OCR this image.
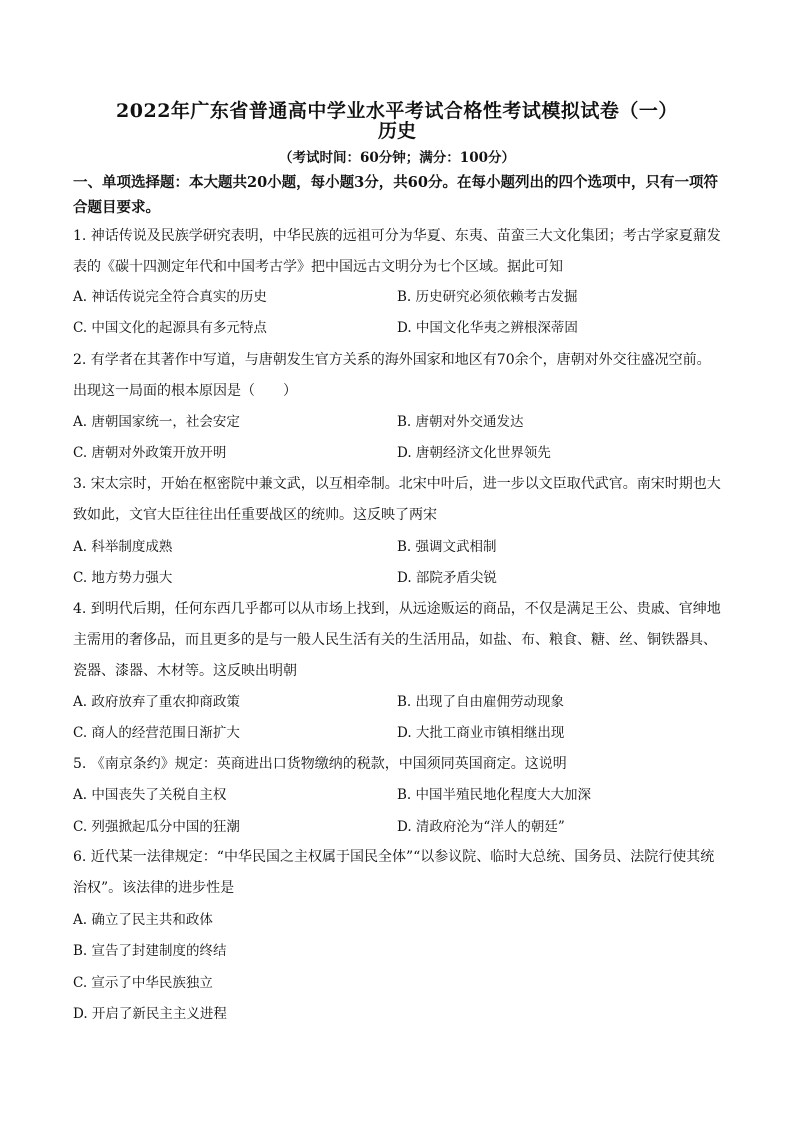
2022年广东省普通高中学业水平考试合格性考试模拟试卷（一）
历史
（考试时间：60分钟；满分：100分）
一、单项选择题：本大题共20小题，每小题3分，共60分。在每小题列出的四个选项中，只有一项符合题目要求。
1. 神话传说及民族学研究表明，中华民族的远祖可分为华夏、东夷、苗蛮三大文化集团；考古学家夏鼐发表的《碳十四测定年代和中国考古学》把中国远古文明分为七个区域。据此可知
A. 神话传说完全符合真实的历史	B. 历史研究必须依赖考古发掘
C. 中国文化的起源具有多元特点	D. 中国文化华夷之辨根深蒂固
2. 有学者在其著作中写道，与唐朝发生官方关系的海外国家和地区有70余个，唐朝对外交往盛况空前。出现这一局面的根本原因是（　　）
A. 唐朝国家统一，社会安定	B. 唐朝对外交通发达
C. 唐朝对外政策开放开明	D. 唐朝经济文化世界领先
3. 宋太宗时，开始在枢密院中兼文武，以互相牵制。北宋中叶后，进一步以文臣取代武官。南宋时期也大致如此，文官大臣往往出任重要战区的统帅。这反映了两宋
A. 科举制度成熟	B. 强调文武相制
C. 地方势力强大	D. 部院矛盾尖锐
4. 到明代后期，任何东西几乎都可以从市场上找到，从远途贩运的商品，不仅是满足王公、贵戚、官绅地主需用的奢侈品，而且更多的是与一般人民生活有关的生活用品，如盐、布、粮食、糖、丝、铜铁器具、瓷器、漆器、木材等。这反映出明朝
A. 政府放弃了重农抑商政策	B. 出现了自由雇佣劳动现象
C. 商人的经营范围日渐扩大	D. 大批工商业市镇相继出现
5. 《南京条约》规定：英商进出口货物缴纳的税款，中国须同英国商定。这说明
A. 中国丧失了关税自主权	B. 中国半殖民地化程度大大加深
C. 列强掀起瓜分中国的狂潮	D. 清政府沦为“洋人的朝廷”
6. 近代某一法律规定：“中华民国之主权属于国民全体”“以参议院、临时大总统、国务员、法院行使其统治权”。该法律的进步性是
A. 确立了民主共和政体
B. 宣告了封建制度的终结
C. 宣示了中华民族独立
D. 开启了新民主主义进程
